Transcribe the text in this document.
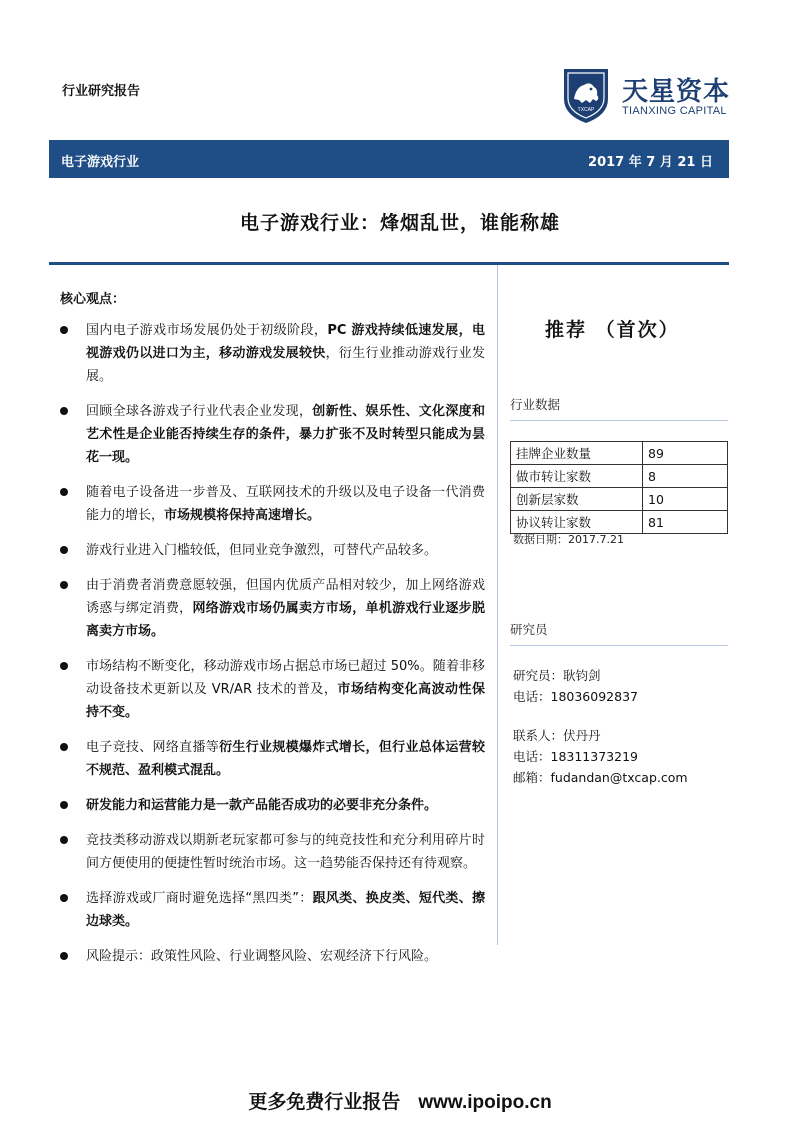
行业研究报告
TXCAP
天星资本
TIANXING CAPITAL
电子游戏行业	2017 年 7 月 21 日
电子游戏行业：烽烟乱世，谁能称雄
核心观点：
国内电子游戏市场发展仍处于初级阶段，PC 游戏持续低速发展，电视游戏仍以进口为主，移动游戏发展较快，衍生行业推动游戏行业发展。
回顾全球各游戏子行业代表企业发现，创新性、娱乐性、文化深度和艺术性是企业能否持续生存的条件，暴力扩张不及时转型只能成为昙花一现。
随着电子设备进一步普及、互联网技术的升级以及电子设备一代消费能力的增长，市场规模将保持高速增长。
游戏行业进入门槛较低，但同业竞争激烈，可替代产品较多。
由于消费者消费意愿较强，但国内优质产品相对较少，加上网络游戏诱惑与绑定消费，网络游戏市场仍属卖方市场，单机游戏行业逐步脱离卖方市场。
市场结构不断变化，移动游戏市场占据总市场已超过 50%。随着非移动设备技术更新以及 VR/AR 技术的普及，市场结构变化高波动性保持不变。
电子竞技、网络直播等衍生行业规模爆炸式增长，但行业总体运营较不规范、盈利模式混乱。
研发能力和运营能力是一款产品能否成功的必要非充分条件。
竞技类移动游戏以期新老玩家都可参与的纯竞技性和充分利用碎片时间方便使用的便捷性暂时统治市场。这一趋势能否保持还有待观察。
选择游戏或厂商时避免选择“黑四类”：跟风类、换皮类、短代类、擦边球类。
风险提示：政策性风险、行业调整风险、宏观经济下行风险。
推荐 （首次）
行业数据
挂牌企业数量	89
做市转让家数	8
创新层家数	10
协议转让家数	81
数据日期：2017.7.21
研究员
研究员：耿钧剑
电话：18036092837
联系人：伏丹丹
电话：18311373219
邮箱：fudandan@txcap.com
更多免费行业报告 www.ipoipo.cn
